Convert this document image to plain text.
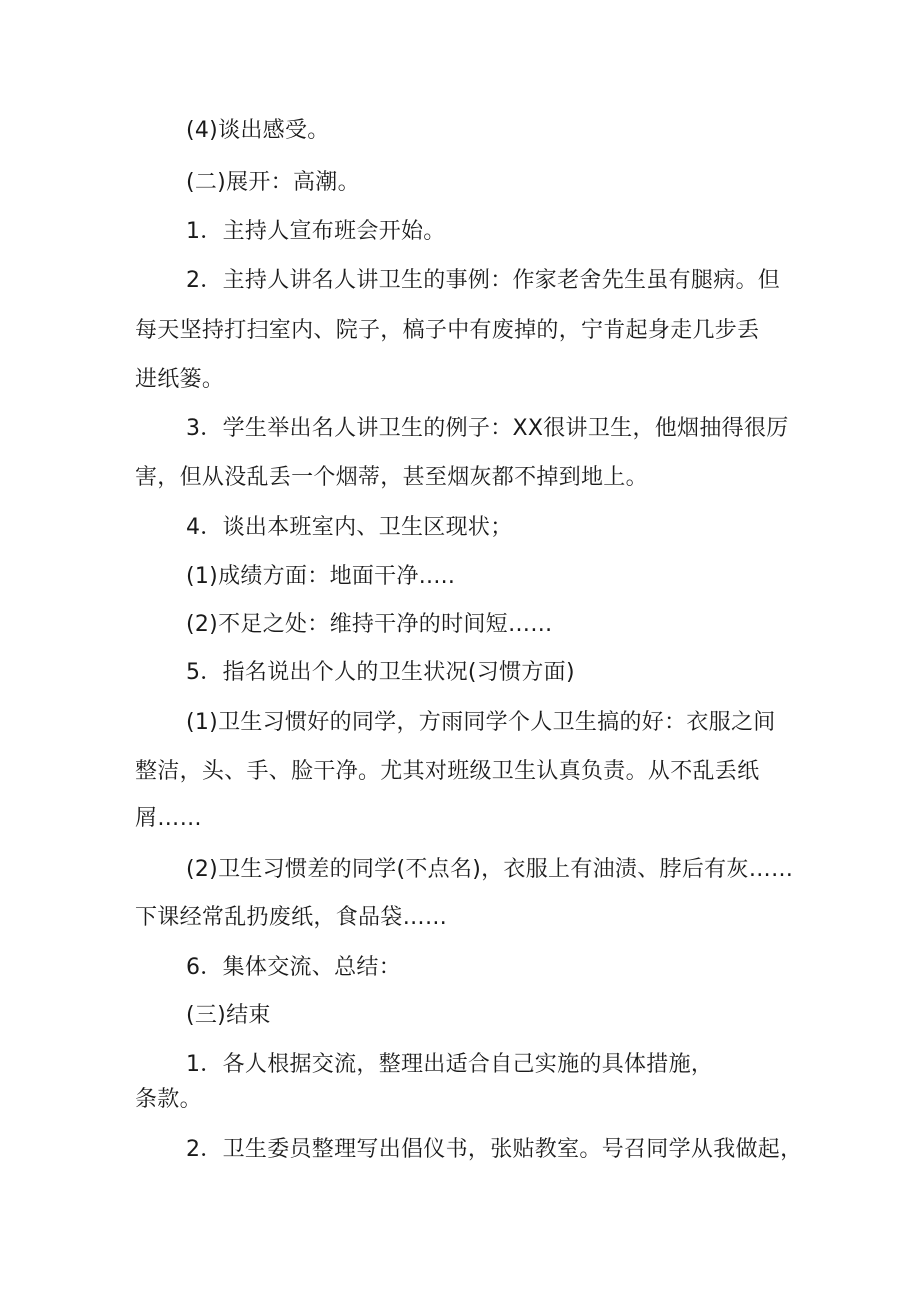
(4)谈出感受。
(二)展开：高潮。
1．主持人宣布班会开始。
2．主持人讲名人讲卫生的事例：作家老舍先生虽有腿病。但
每天坚持打扫室内、院子，槁子中有废掉的，宁肯起身走几步丢
进纸篓。
3．学生举出名人讲卫生的例子：XX很讲卫生，他烟抽得很厉
害，但从没乱丢一个烟蒂，甚至烟灰都不掉到地上。
4．谈出本班室内、卫生区现状；
(1)成绩方面：地面干净.....
(2)不足之处：维持干净的时间短……
5．指名说出个人的卫生状况(习惯方面)
(1)卫生习惯好的同学，方雨同学个人卫生搞的好：衣服之间
整洁，头、手、脸干净。尤其对班级卫生认真负责。从不乱丢纸
屑……
(2)卫生习惯差的同学(不点名)，衣服上有油渍、脖后有灰……
下课经常乱扔废纸，食品袋……
6．集体交流、总结：
(三)结束
1．各人根据交流，整理出适合自己实施的具体措施，
条款。
2．卫生委员整理写出倡仪书，张贴教室。号召同学从我做起，
